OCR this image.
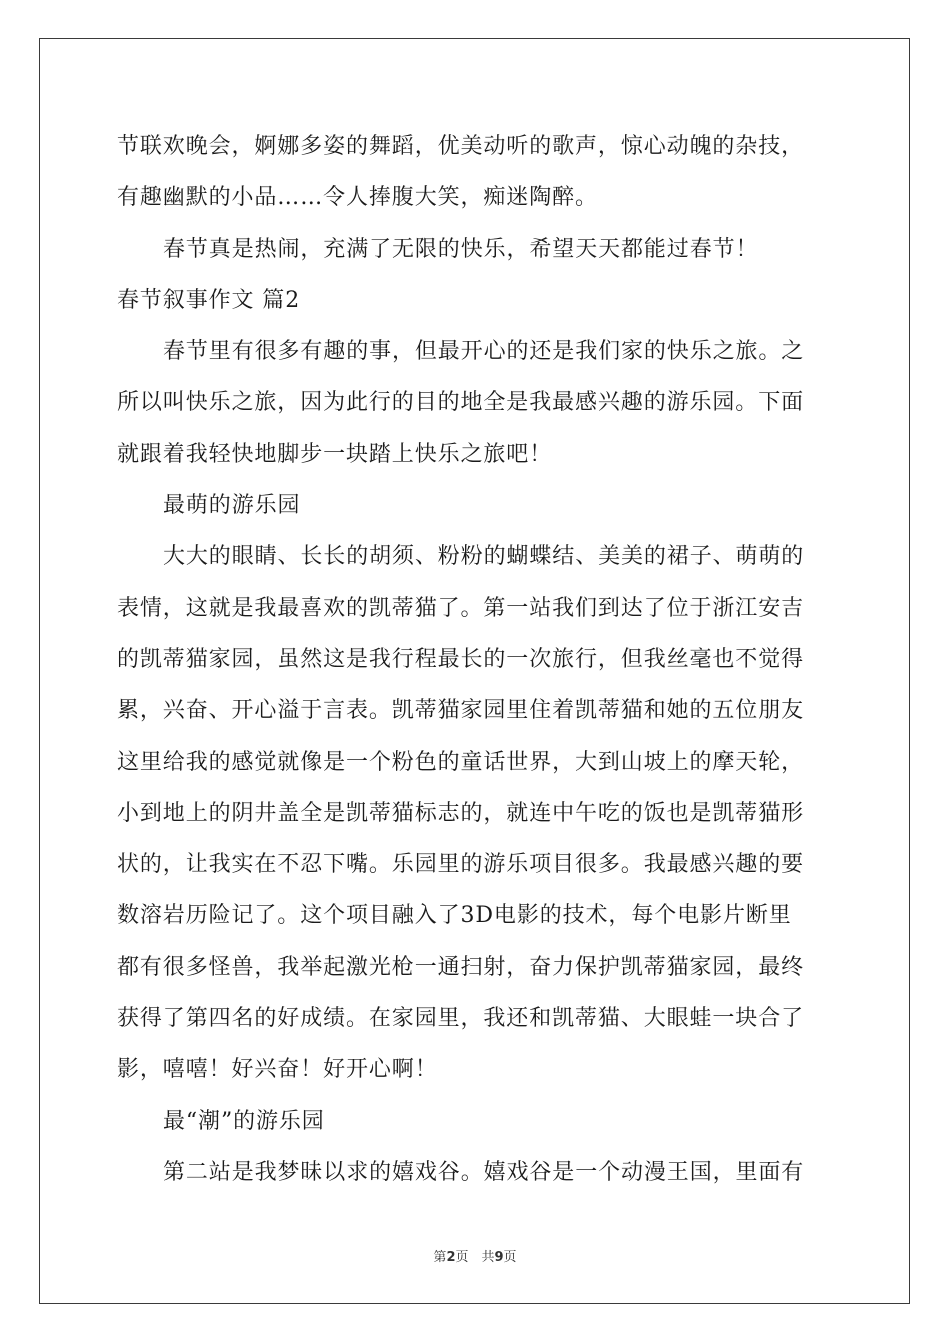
节联欢晚会，婀娜多姿的舞蹈，优美动听的歌声，惊心动魄的杂技，
有趣幽默的小品……令人捧腹大笑，痴迷陶醉。
春节真是热闹，充满了无限的快乐，希望天天都能过春节！
春节叙事作文 篇2
春节里有很多有趣的事，但最开心的还是我们家的快乐之旅。之
所以叫快乐之旅，因为此行的目的地全是我最感兴趣的游乐园。下面
就跟着我轻快地脚步一块踏上快乐之旅吧！
最萌的游乐园
大大的眼睛、长长的胡须、粉粉的蝴蝶结、美美的裙子、萌萌的
表情，这就是我最喜欢的凯蒂猫了。第一站我们到达了位于浙江安吉
的凯蒂猫家园，虽然这是我行程最长的一次旅行，但我丝毫也不觉得
累，兴奋、开心溢于言表。凯蒂猫家园里住着凯蒂猫和她的五位朋友
这里给我的感觉就像是一个粉色的童话世界，大到山坡上的摩天轮，
小到地上的阴井盖全是凯蒂猫标志的，就连中午吃的饭也是凯蒂猫形
状的，让我实在不忍下嘴。乐园里的游乐项目很多。我最感兴趣的要
数溶岩历险记了。这个项目融入了3D电影的技术，每个电影片断里
都有很多怪兽，我举起激光枪一通扫射，奋力保护凯蒂猫家园，最终
获得了第四名的好成绩。在家园里，我还和凯蒂猫、大眼蛙一块合了
影，嘻嘻！好兴奋！好开心啊！
最“潮”的游乐园
第二站是我梦昧以求的嬉戏谷。嬉戏谷是一个动漫王国，里面有
第2页　共9页
